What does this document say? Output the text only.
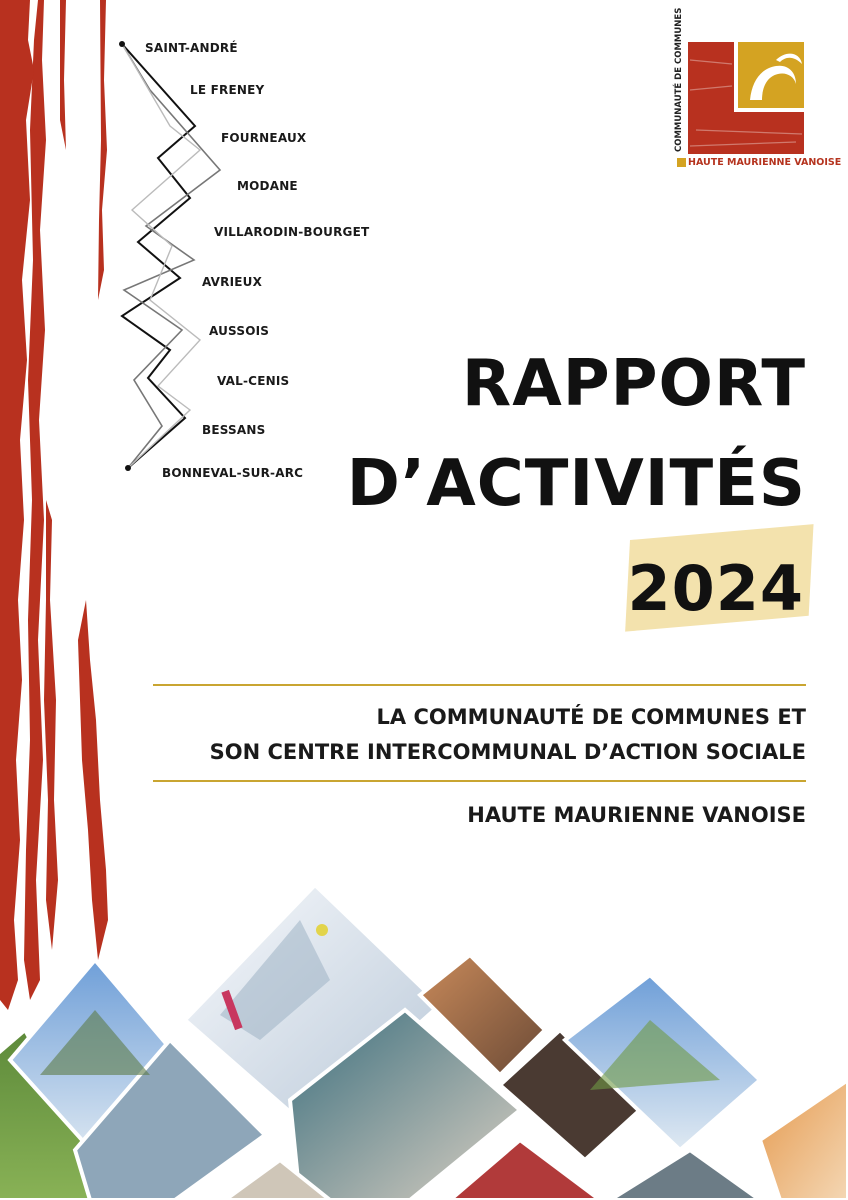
SAINT-ANDRÉ
LE FRENEY
FOURNEAUX
MODANE
VILLARODIN-BOURGET
AVRIEUX
AUSSOIS
VAL-CENIS
BESSANS
BONNEVAL-SUR-ARC
COMMUNAUTÉ DE COMMUNES
HAUTE MAURIENNE VANOISE
RAPPORT
D’ACTIVITÉS
2024
LA COMMUNAUTÉ DE COMMUNES ET
SON CENTRE INTERCOMMUNAL D’ACTION SOCIALE
HAUTE MAURIENNE VANOISE
